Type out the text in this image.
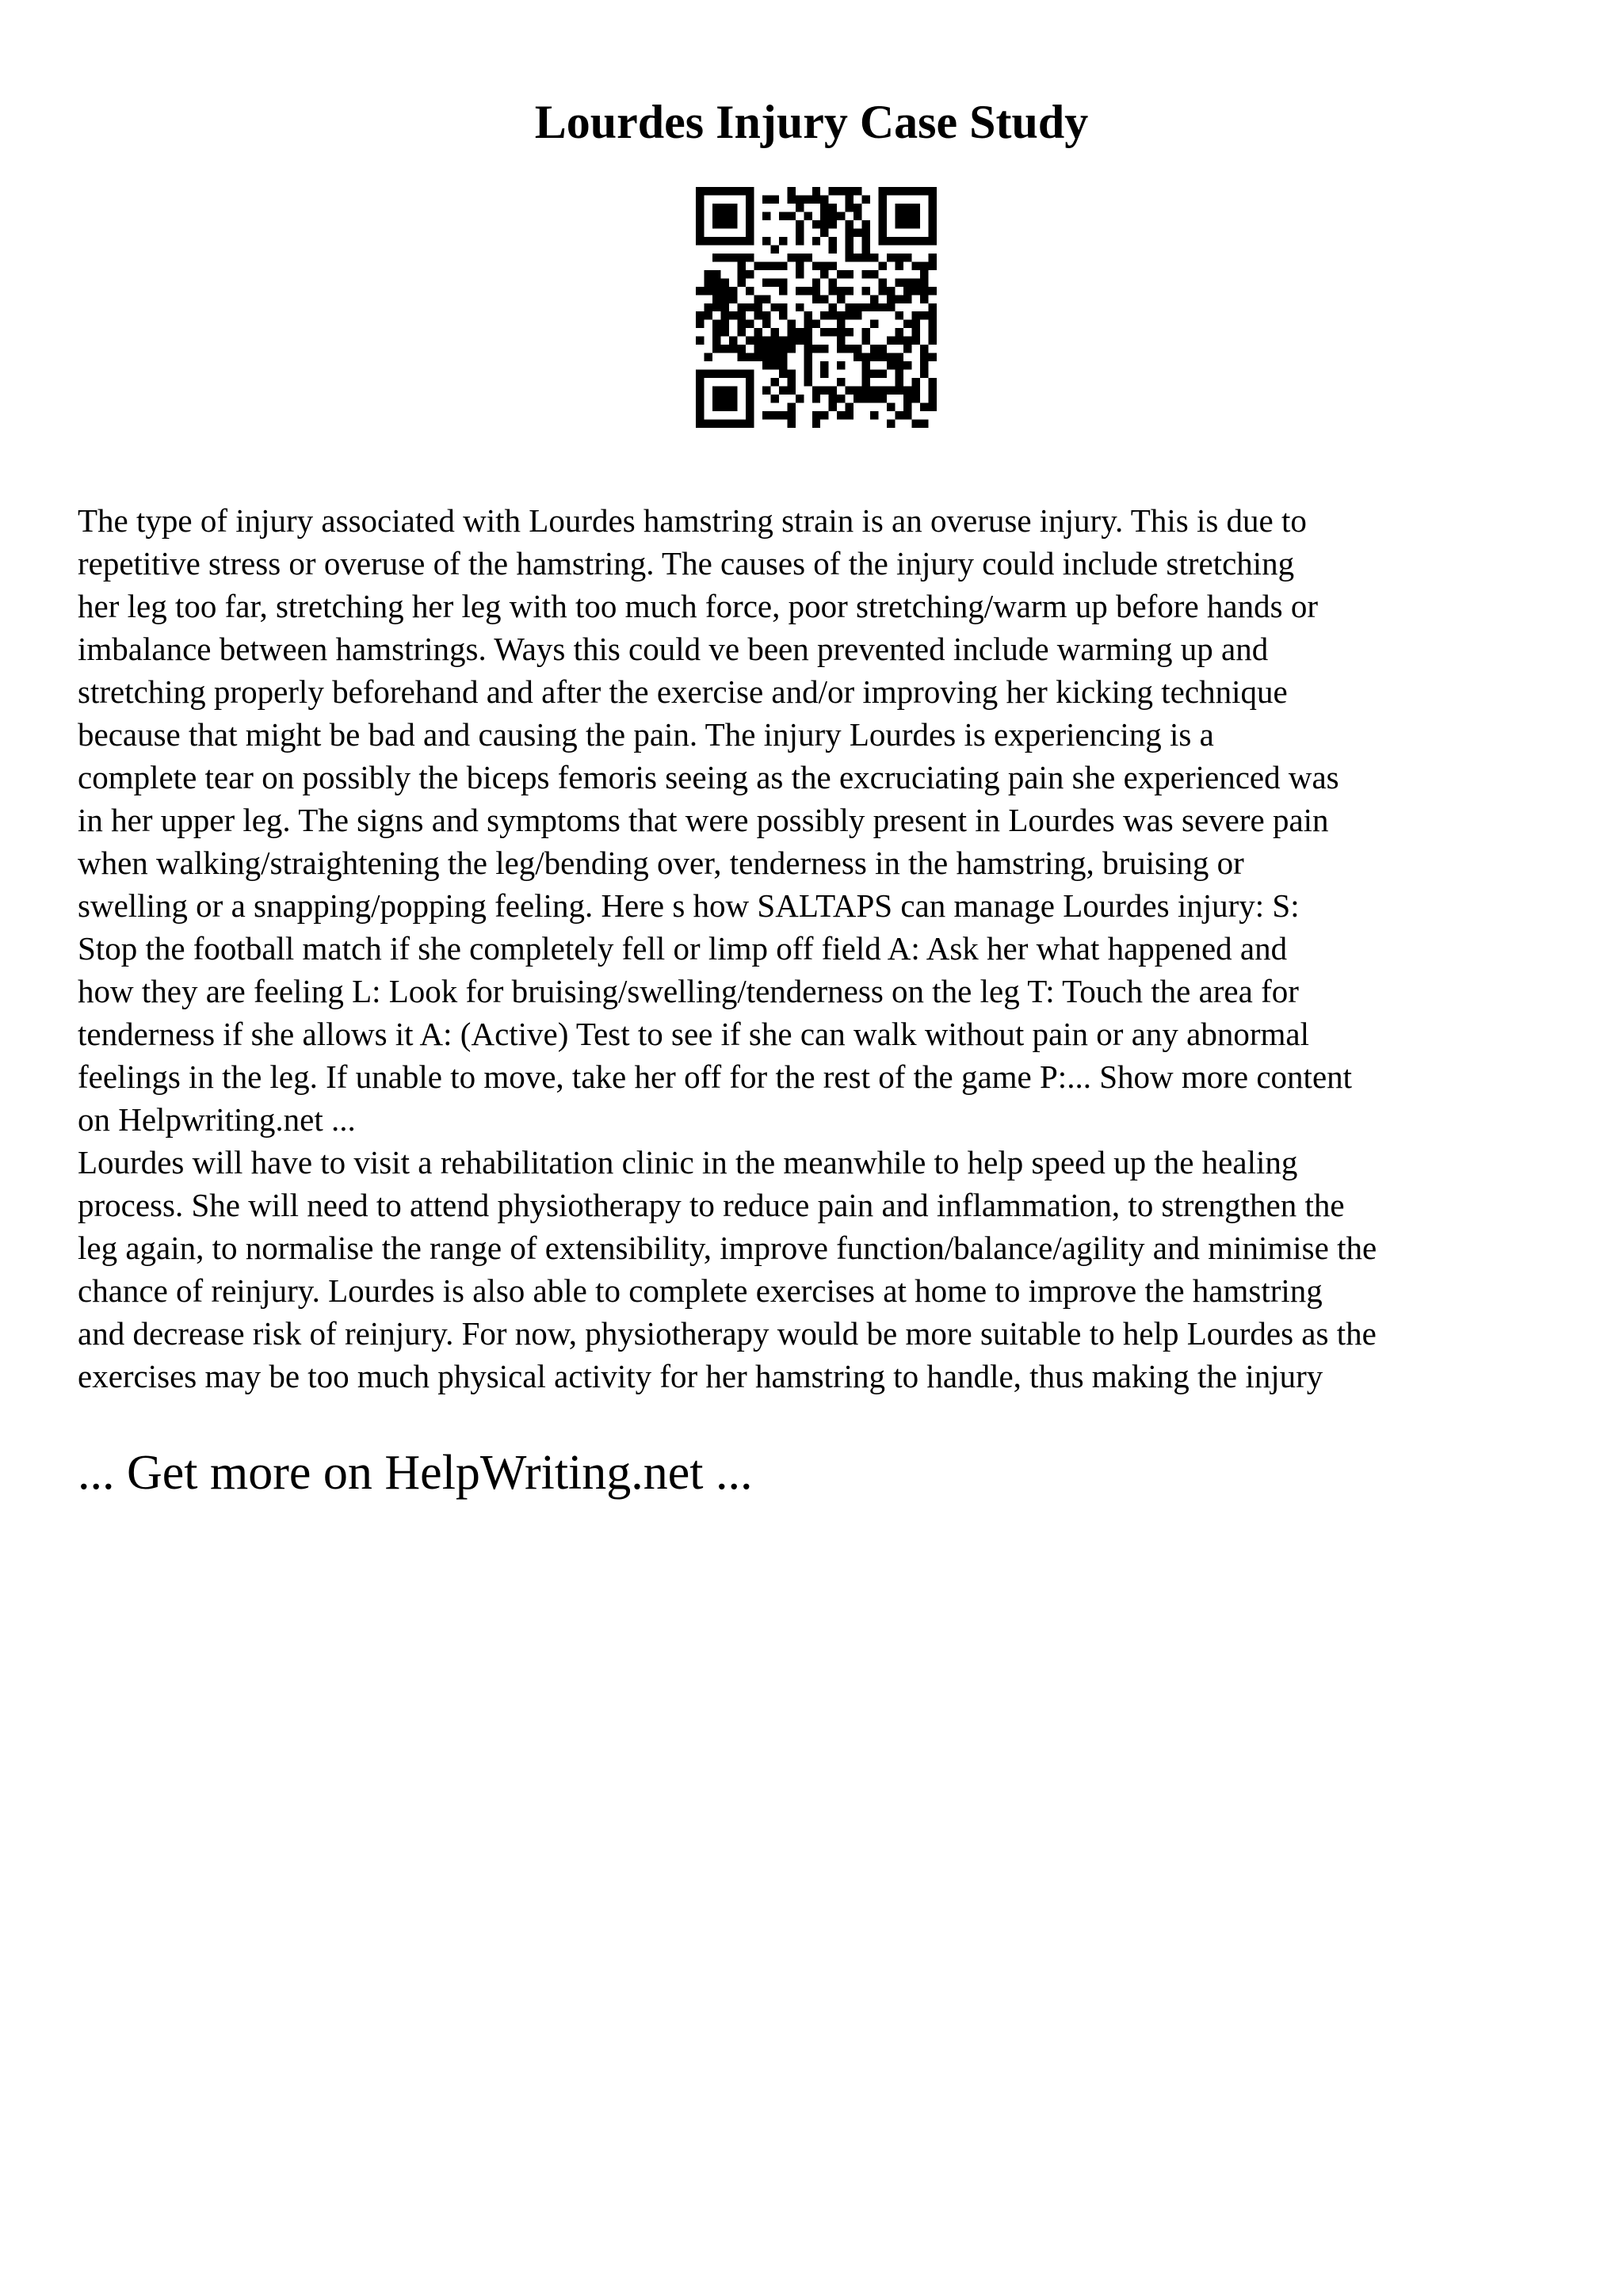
Lourdes Injury Case Study

The type of injury associated with Lourdes hamstring strain is an overuse injury. This is due to
repetitive stress or overuse of the hamstring. The causes of the injury could include stretching
her leg too far, stretching her leg with too much force, poor stretching/warm up before hands or
imbalance between hamstrings. Ways this could ve been prevented include warming up and
stretching properly beforehand and after the exercise and/or improving her kicking technique
because that might be bad and causing the pain. The injury Lourdes is experiencing is a
complete tear on possibly the biceps femoris seeing as the excruciating pain she experienced was
in her upper leg. The signs and symptoms that were possibly present in Lourdes was severe pain
when walking/straightening the leg/bending over, tenderness in the hamstring, bruising or
swelling or a snapping/popping feeling. Here s how SALTAPS can manage Lourdes injury: S:
Stop the football match if she completely fell or limp off field A: Ask her what happened and
how they are feeling L: Look for bruising/swelling/tenderness on the leg T: Touch the area for
tenderness if she allows it A: (Active) Test to see if she can walk without pain or any abnormal
feelings in the leg. If unable to move, take her off for the rest of the game P:... Show more content
on Helpwriting.net ...

Lourdes will have to visit a rehabilitation clinic in the meanwhile to help speed up the healing
process. She will need to attend physiotherapy to reduce pain and inflammation, to strengthen the
leg again, to normalise the range of extensibility, improve function/balance/agility and minimise the
chance of reinjury. Lourdes is also able to complete exercises at home to improve the hamstring
and decrease risk of reinjury. For now, physiotherapy would be more suitable to help Lourdes as the
exercises may be too much physical activity for her hamstring to handle, thus making the injury

... Get more on HelpWriting.net ...
